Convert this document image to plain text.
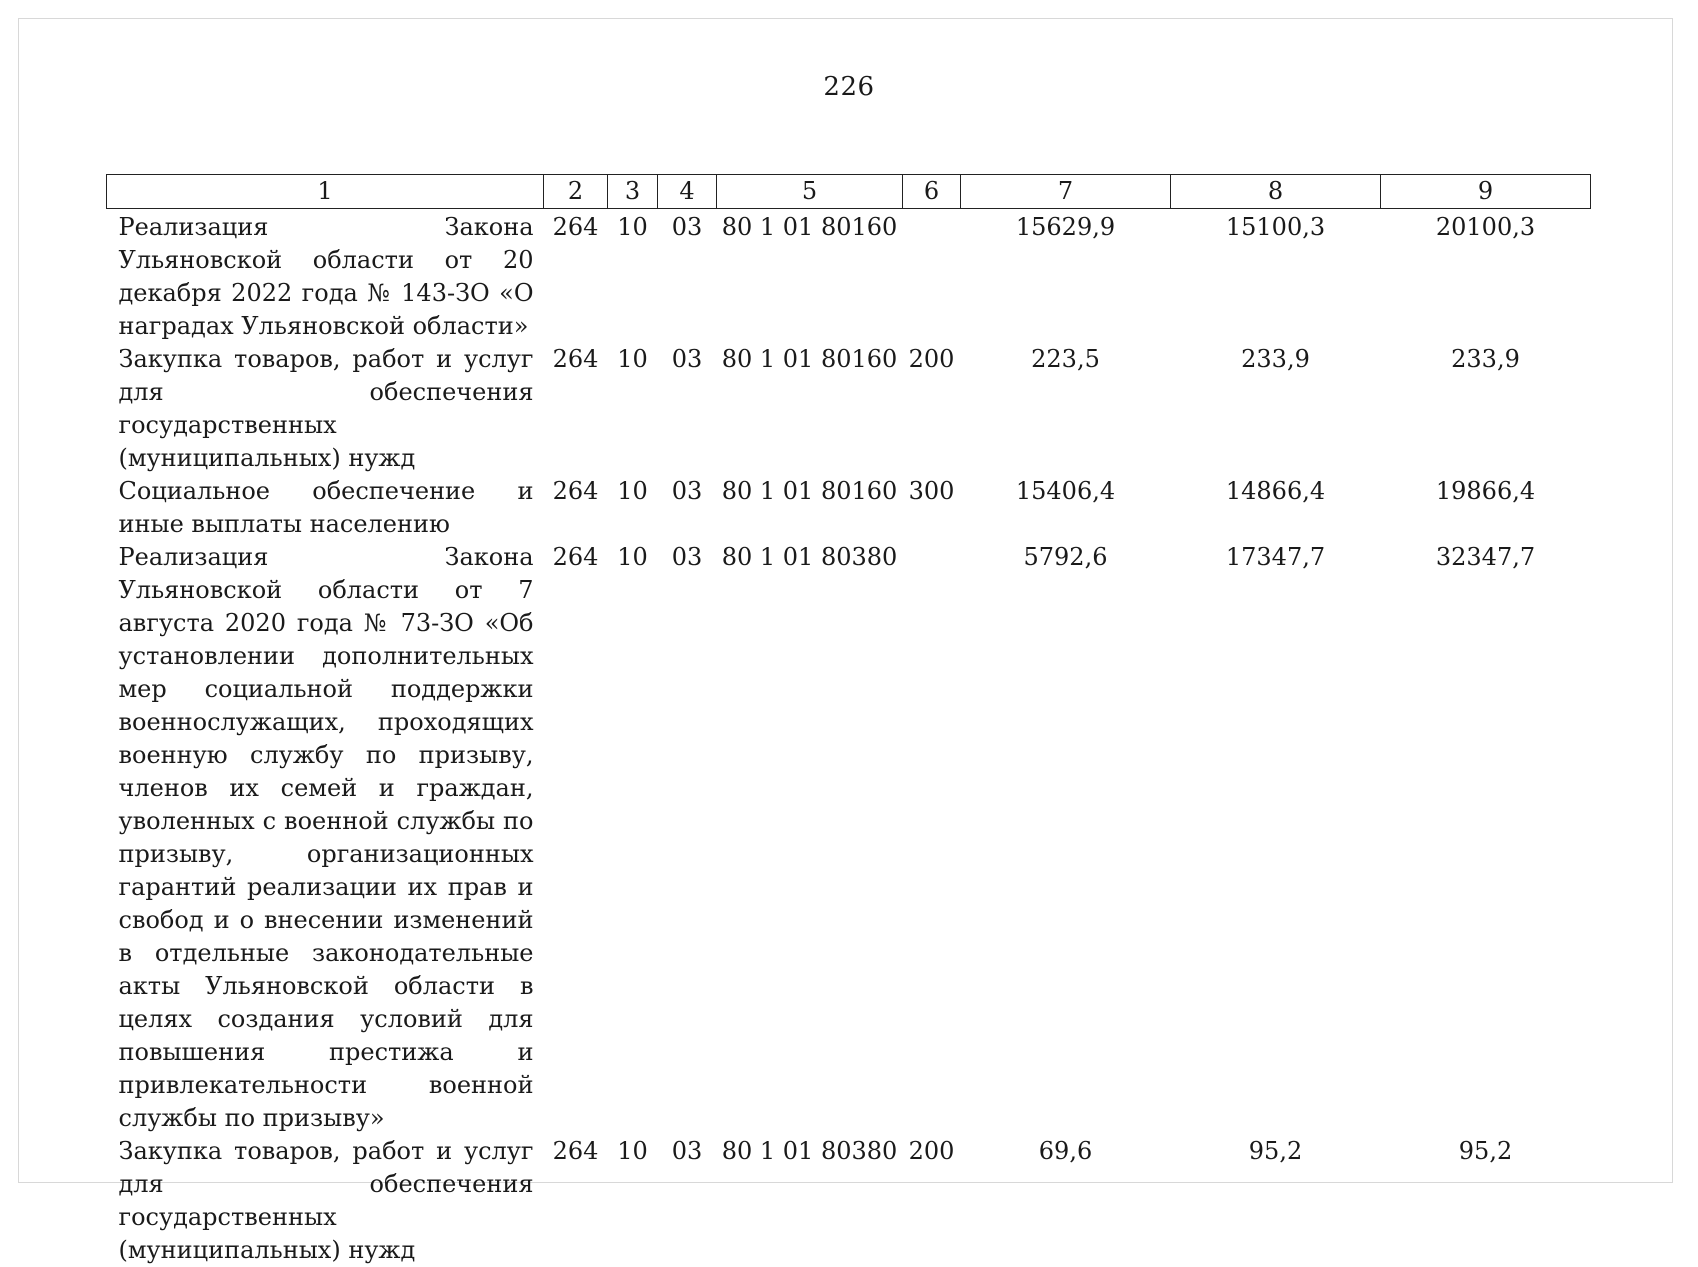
226
1	2	3	4	5	6	7	8	9
Реализация Закона Ульяновской области от 20 декабря 2022 года № 143-ЗО «О наградах Ульяновской области»	264	10	03	80 1 01 80160		15629,9	15100,3	20100,3
Закупка товаров, работ и услуг для обеспечения государственных (муниципальных) нужд	264	10	03	80 1 01 80160	200	223,5	233,9	233,9
Социальное обеспечение и иные выплаты населению	264	10	03	80 1 01 80160	300	15406,4	14866,4	19866,4
Реализация Закона Ульяновской области от 7 августа 2020 года № 73-ЗО «Об установлении дополнительных мер социальной поддержки военнослужащих, проходящих военную службу по призыву, членов их семей и граждан, уволенных с военной службы по призыву, организационных гарантий реализации их прав и свобод и о внесении изменений в отдельные законодательные акты Ульяновской области в целях создания условий для повышения престижа и привлекательности военной службы по призыву»	264	10	03	80 1 01 80380		5792,6	17347,7	32347,7
Закупка товаров, работ и услуг для обеспечения государственных (муниципальных) нужд	264	10	03	80 1 01 80380	200	69,6	95,2	95,2
